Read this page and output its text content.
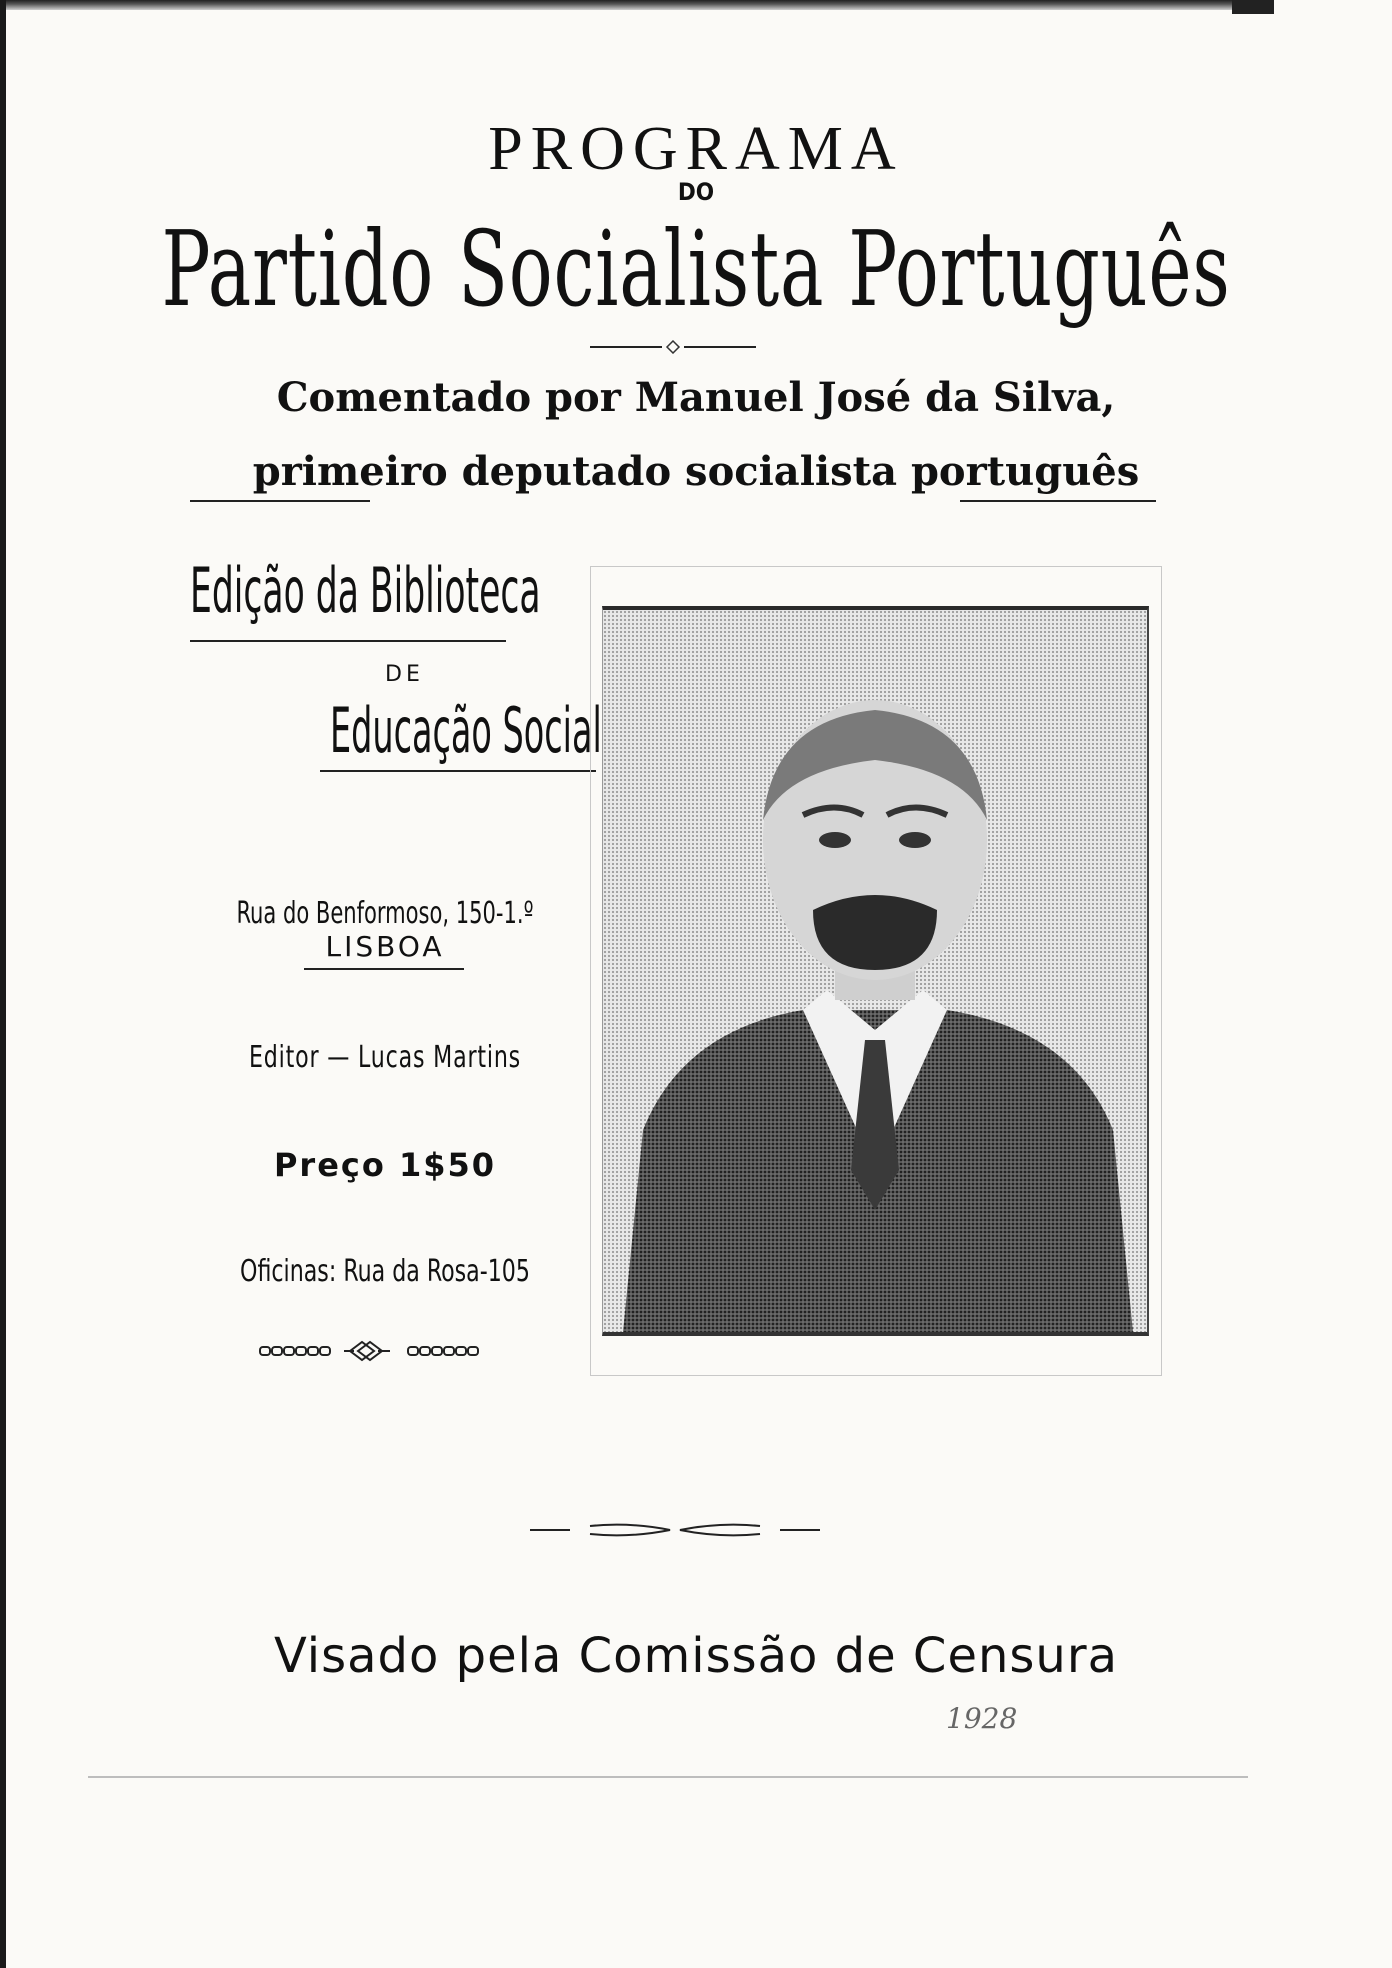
PROGRAMA
DO
Partido Socialista Português
Comentado por Manuel José da Silva,
primeiro deputado socialista português
Edição da Biblioteca
DE
Educação Social
Rua do Benformoso, 150-1.º
LISBOA
Editor — Lucas Martins
Preço 1$50
Oficinas: Rua da Rosa-105
Visado pela Comissão de Censura
1928
